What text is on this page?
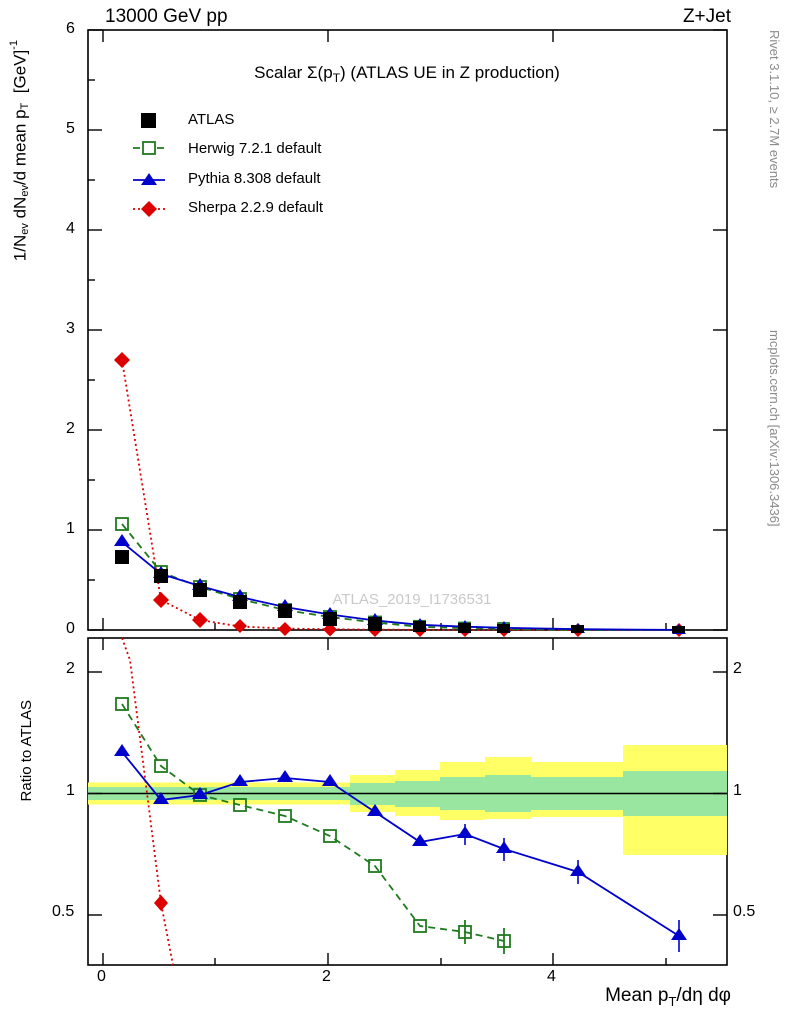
13000 GeV pp	Z+Jet
Rivet 3.1.10, ≥ 2.7M events
mcplots.cern.ch [arXiv:1306.3436]
$1/N_{ev}$ $dN_{ev}/d$ mean $p_T$  [GeV]$^{-1}$
Ratio to ATLAS
Mean $p_T/d\eta$ dφ
Scalar $\Sigma(p_T)$ (ATLAS UE in Z production)
ATLAS_2019_I1736531
0
1
2
3
4
5
6
0.5
1
2
0.5
1
2
0	2	4
ATLAS
Herwig 7.2.1 default
Pythia 8.308 default
Sherpa 2.2.9 default
